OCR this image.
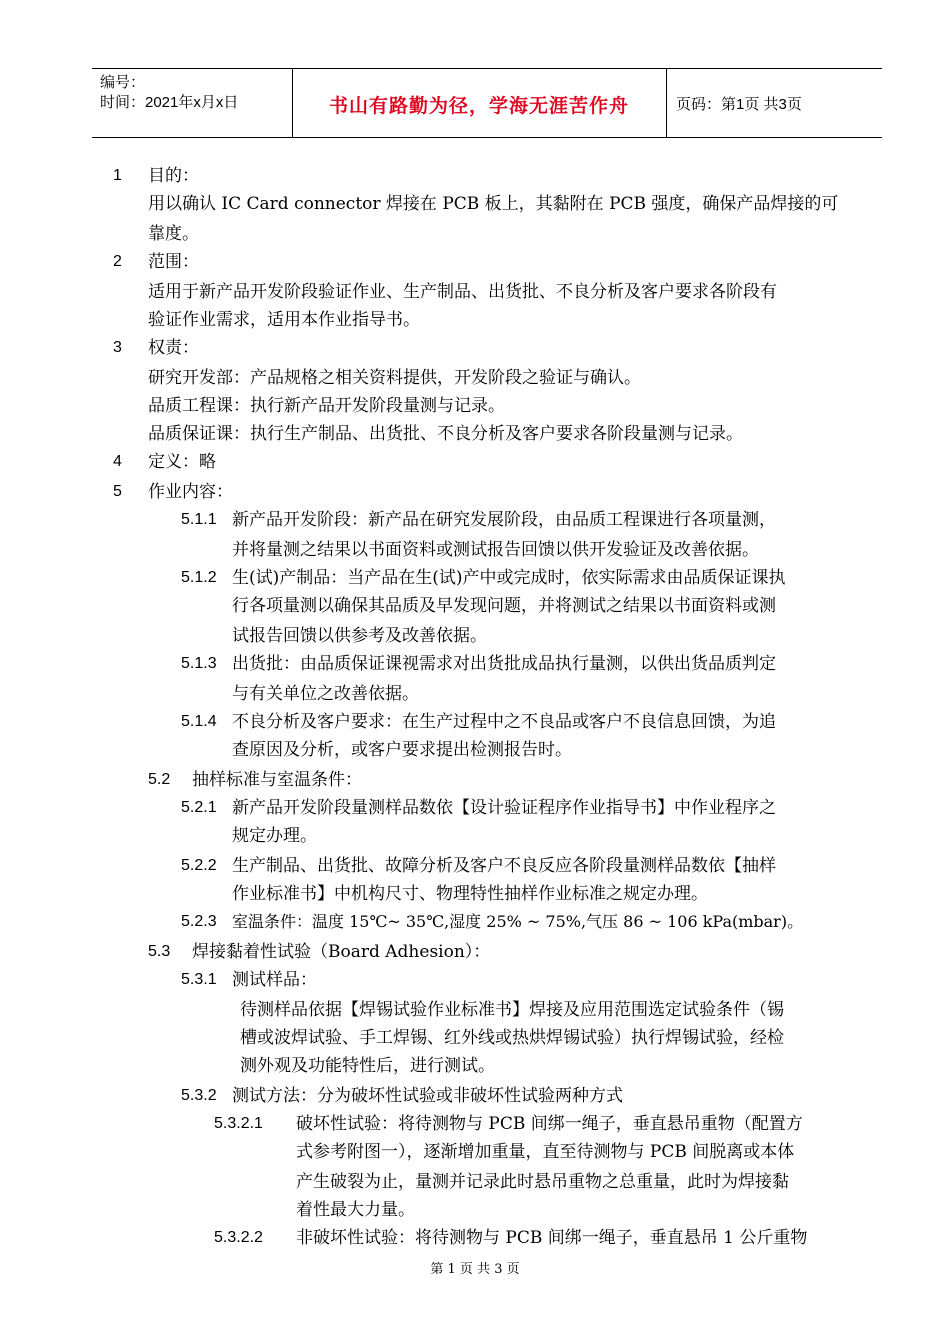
编号：
时间：2021年x月x日	书山有路勤为径，学海无涯苦作舟	页码：第1页 共3页
1 目的：
用以确认 IC Card connector 焊接在 PCB 板上，其黏附在 PCB 强度，确保产品焊接的可
靠度。
2 范围：
适用于新产品开发阶段验证作业、生产制品、出货批、不良分析及客户要求各阶段有
验证作业需求，适用本作业指导书。
3 权责：
研究开发部：产品规格之相关资料提供，开发阶段之验证与确认。
品质工程课：执行新产品开发阶段量测与记录。
品质保证课：执行生产制品、出货批、不良分析及客户要求各阶段量测与记录。
4 定义：略
5 作业内容：
5.1.1 新产品开发阶段：新产品在研究发展阶段，由品质工程课进行各项量测，
并将量测之结果以书面资料或测试报告回馈以供开发验证及改善依据。
5.1.2 生(试)产制品：当产品在生(试)产中或完成时，依实际需求由品质保证课执
行各项量测以确保其品质及早发现问题，并将测试之结果以书面资料或测
试报告回馈以供参考及改善依据。
5.1.3 出货批：由品质保证课视需求对出货批成品执行量测，以供出货品质判定
与有关单位之改善依据。
5.1.4 不良分析及客户要求：在生产过程中之不良品或客户不良信息回馈，为追
查原因及分析，或客户要求提出检测报告时。
5.2 抽样标准与室温条件：
5.2.1 新产品开发阶段量测样品数依【设计验证程序作业指导书】中作业程序之
规定办理。
5.2.2 生产制品、出货批、故障分析及客户不良反应各阶段量测样品数依【抽样
作业标准书】中机构尺寸、物理特性抽样作业标准之规定办理。
5.2.3 室温条件：温度 15℃~ 35℃,湿度 25% ~ 75%,气压 86 ~ 106 kPa(mbar)。
5.3 焊接黏着性试验（Board Adhesion）：
5.3.1 测试样品：
待测样品依据【焊锡试验作业标准书】焊接及应用范围选定试验条件（锡
槽或波焊试验、手工焊锡、红外线或热烘焊锡试验）执行焊锡试验，经检
测外观及功能特性后，进行测试。
5.3.2 测试方法：分为破坏性试验或非破坏性试验两种方式
5.3.2.1 破坏性试验：将待测物与 PCB 间绑一绳子，垂直悬吊重物（配置方
式参考附图一），逐渐增加重量，直至待测物与 PCB 间脱离或本体
产生破裂为止，量测并记录此时悬吊重物之总重量，此时为焊接黏
着性最大力量。
5.3.2.2 非破坏性试验：将待测物与 PCB 间绑一绳子，垂直悬吊 1 公斤重物
第 1 页 共 3 页
